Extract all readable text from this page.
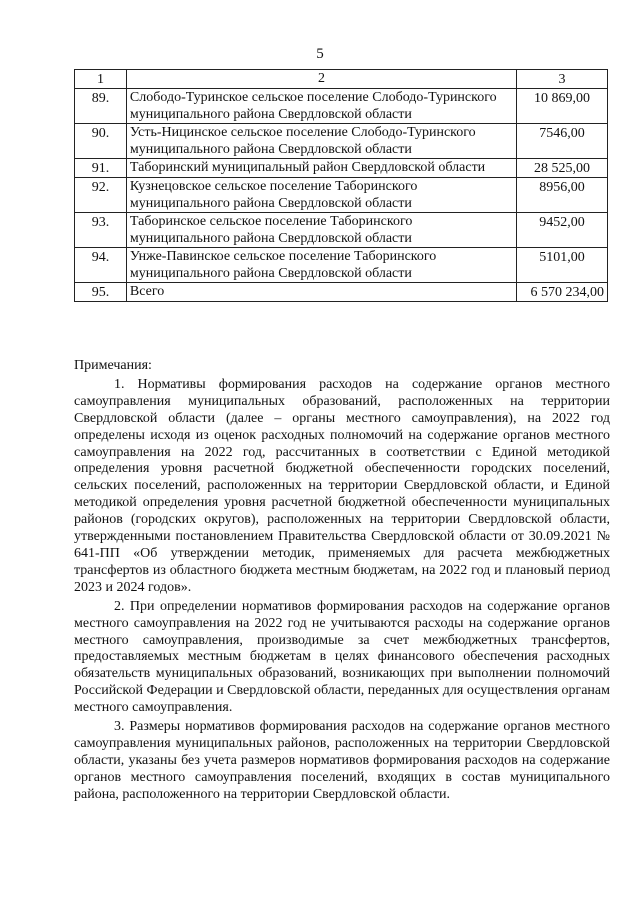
5
1	2	3
89.	Слободо-Туринское сельское поселение Слободо-Туринского муниципального района Свердловской области	10 869,00
90.	Усть-Ницинское сельское поселение Слободо-Туринского муниципального района Свердловской области	7546,00
91.	Таборинский муниципальный район Свердловской области	28 525,00
92.	Кузнецовское сельское поселение Таборинского муниципального района Свердловской области	8956,00
93.	Таборинское сельское поселение Таборинского муниципального района Свердловской области	9452,00
94.	Унже-Павинское сельское поселение Таборинского муниципального района Свердловской области	5101,00
95.	Всего	6 570 234,00
Примечания:

1. Нормативы формирования расходов на содержание органов местного самоуправления муниципальных образований, расположенных на территории Свердловской области (далее – органы местного самоуправления), на 2022 год определены исходя из оценок расходных полномочий на содержание органов местного самоуправления на 2022 год, рассчитанных в соответствии с Единой методикой определения уровня расчетной бюджетной обеспеченности городских поселений, сельских поселений, расположенных на территории Свердловской области, и Единой методикой определения уровня расчетной бюджетной обеспеченности муниципальных районов (городских округов), расположенных на территории Свердловской области, утвержденными постановлением Правительства Свердловской области от 30.09.2021 № 641-ПП «Об утверждении методик, применяемых для расчета межбюджетных трансфертов из областного бюджета местным бюджетам, на 2022 год и плановый период 2023 и 2024 годов».

2. При определении нормативов формирования расходов на содержание органов местного самоуправления на 2022 год не учитываются расходы на содержание органов местного самоуправления, производимые за счет межбюджетных трансфертов, предоставляемых местным бюджетам в целях финансового обеспечения расходных обязательств муниципальных образований, возникающих при выполнении полномочий Российской Федерации и Свердловской области, переданных для осуществления органам местного самоуправления.

3. Размеры нормативов формирования расходов на содержание органов местного самоуправления муниципальных районов, расположенных на территории Свердловской области, указаны без учета размеров нормативов формирования расходов на содержание органов местного самоуправления поселений, входящих в состав муниципального района, расположенного на территории Свердловской области.
